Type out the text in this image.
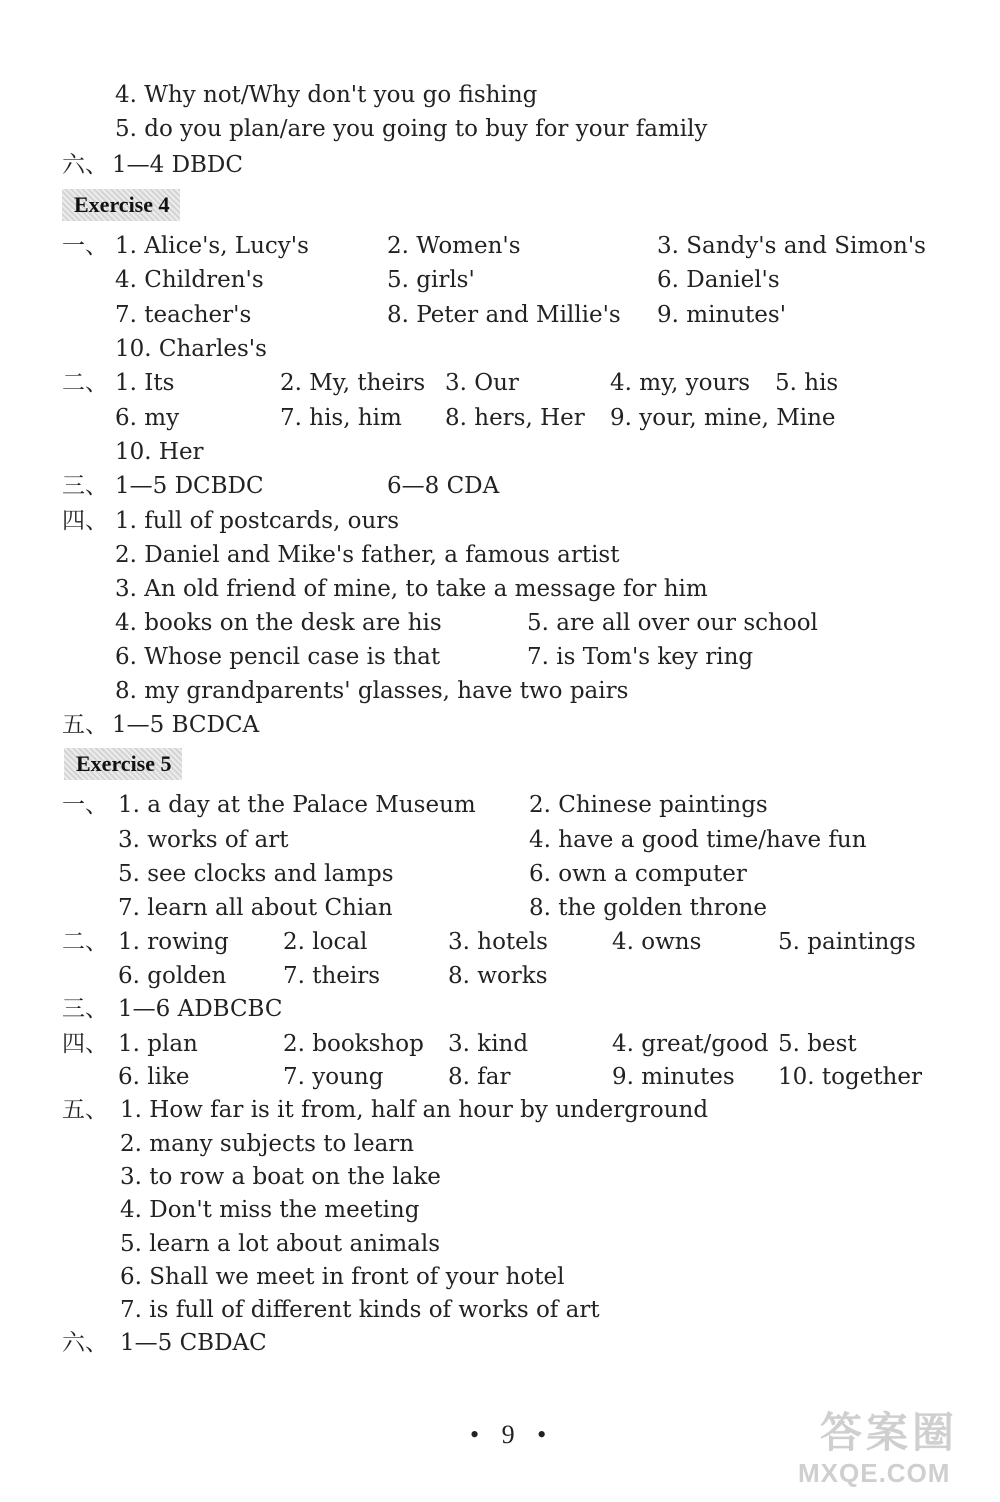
4. Why not/Why don't you go fishing
5. do you plan/are you going to buy for your family
六、 1—4 DBDC
Exercise 4
一、 1. Alice's, Lucy's	2. Women's	3. Sandy's and Simon's
4. Children's	5. girls'	6. Daniel's
7. teacher's	8. Peter and Millie's 9. minutes'
10. Charles's
二、 1. Its	2. My, theirs 3. Our	4. my, yours 5. his
6. my	7. his, him 8. hers, Her 9. your, mine, Mine
10. Her
三、 1—5 DCBDC	6—8 CDA
四、 1. full of postcards, ours
2. Daniel and Mike's father, a famous artist
3. An old friend of mine, to take a message for him
4. books on the desk are his	5. are all over our school
6. Whose pencil case is that	7. is Tom's key ring
8. my grandparents' glasses, have two pairs
五、 1—5 BCDCA
Exercise 5
一、 1. a day at the Palace Museum 2. Chinese paintings
3. works of art	4. have a good time/have fun
5. see clocks and lamps	6. own a computer
7. learn all about Chian	8. the golden throne
二、 1. rowing 2. local	3. hotels	4. owns	5. paintings
6. golden 7. theirs	8. works
三、 1—6 ADBCBC
四、 1. plan	2. bookshop 3. kind	4. great/good 5. best
6. like	7. young	8. far	9. minutes 10. together
五、 1. How far is it from, half an hour by underground
2. many subjects to learn
3. to row a boat on the lake
4. Don't miss the meeting
5. learn a lot about animals
6. Shall we meet in front of your hotel
7. is full of different kinds of works of art
六、 1—5 CBDAC
• 9 •	答案圈
MXQE.COM
